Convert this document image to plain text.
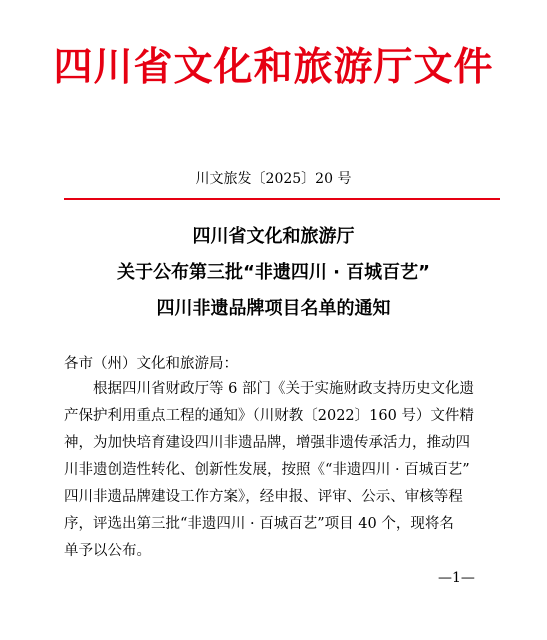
四川省文化和旅游厅文件
川文旅发〔2025〕20 号
四川省文化和旅游厅
关于公布第三批“非遗四川 · 百城百艺”
四川非遗品牌项目名单的通知
各市（州）文化和旅游局：
根据四川省财政厅等 6 部门《关于实施财政支持历史文化遗
产保护利用重点工程的通知》（川财教〔2022〕160 号）文件精
神，为加快培育建设四川非遗品牌，增强非遗传承活力，推动四
川非遗创造性转化、创新性发展，按照《“非遗四川 · 百城百艺”
四川非遗品牌建设工作方案》，经申报、评审、公示、审核等程
序，评选出第三批“非遗四川 · 百城百艺”项目 40 个，现将名
单予以公布。
—1—
